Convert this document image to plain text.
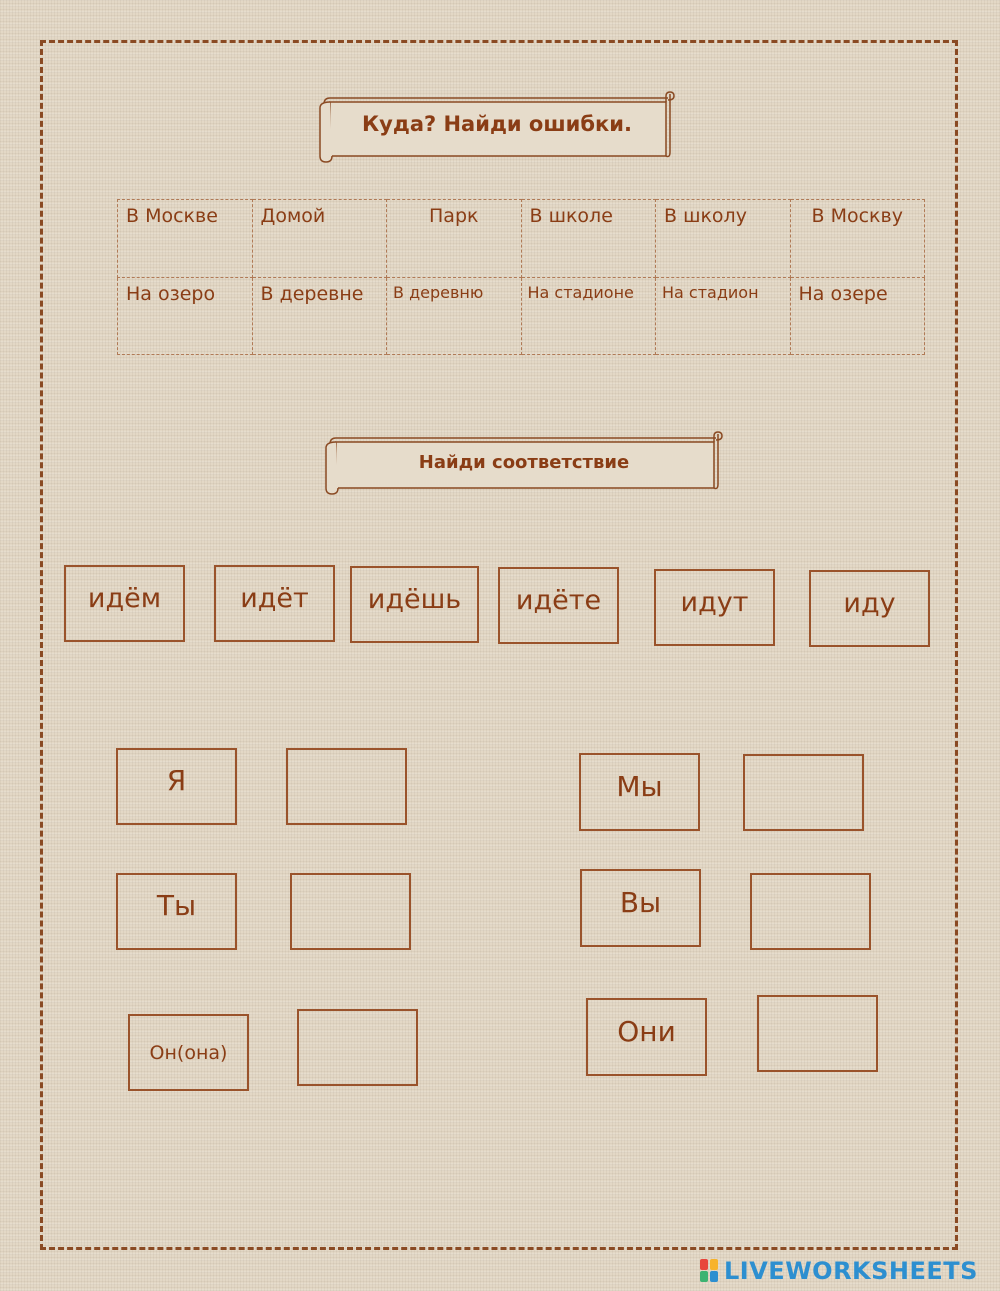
Куда? Найди ошибки.
В Москве	Домой	Парк	В школе	В школу	В Москву
На озеро	В деревне	В деревню	На стадионе	На стадион	На озере
Найди соответствие
идём	идёт	идёшь	идёте	идут	иду
Я
Ты
Он(она)
Мы
Вы
Они
LIVEWORKSHEETS
